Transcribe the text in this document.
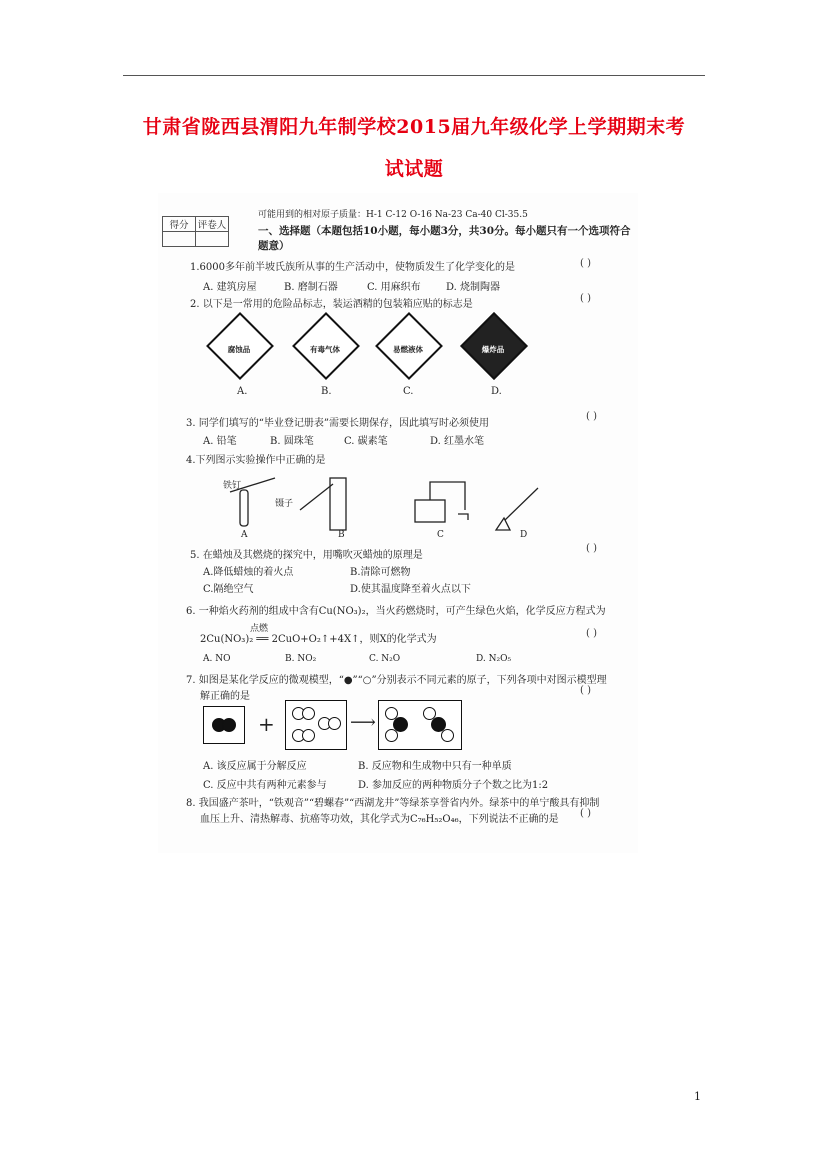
甘肃省陇西县渭阳九年制学校2015届九年级化学上学期期末考
试试题
得分	评卷人

可能用到的相对原子质量：H-1 C-12 O-16 Na-23 Ca-40 Cl-35.5
一、选择题（本题包括10小题，每小题3分，共30分。每小题只有一个选项符合
题意）
1.6000多年前半坡氏族所从事的生产活动中，使物质发生了化学变化的是	( )
A. 建筑房屋	B. 磨制石器	C. 用麻织布	D. 烧制陶器
2. 以下是一常用的危险品标志，装运酒精的包装箱应贴的标志是
( )
腐蚀品	有毒气体	易燃液体	爆炸品
A.	B.	C.	D.
3. 同学们填写的“毕业登记册表”需要长期保存，因此填写时必须使用
( )
A. 铅笔	B. 圆珠笔	C. 碳素笔	D. 红墨水笔
4.下列图示实验操作中正确的是
铁钉
镊子
A	B	C	D
5. 在蜡烛及其燃烧的探究中，用嘴吹灭蜡烛的原理是
( )
A.降低蜡烛的着火点	B.清除可燃物
C.隔绝空气	D.使其温度降至着火点以下
6. 一种焰火药剂的组成中含有Cu(NO₃)₂，当火药燃烧时，可产生绿色火焰，化学反应方程式为
点燃
2Cu(NO₃)₂ ══ 2CuO+O₂↑+4X↑，则X的化学式为
( )
A. NO	B. NO₂	C. N₂O	D. N₂O₅
7. 如图是某化学反应的微观模型，“●”“○”分别表示不同元素的原子，下列各项中对图示模型理
解正确的是
( )
+	⟶
A. 该反应属于分解反应	B. 反应物和生成物中只有一种单质
C. 反应中共有两种元素参与	D. 参加反应的两种物质分子个数之比为1:2
8. 我国盛产茶叶，“铁观音”“碧螺春”“西湖龙井”等绿茶享誉省内外。绿茶中的单宁酸具有抑制
血压上升、清热解毒、抗癌等功效，其化学式为C₇₆H₅₂O₄₆，下列说法不正确的是
( )
1
